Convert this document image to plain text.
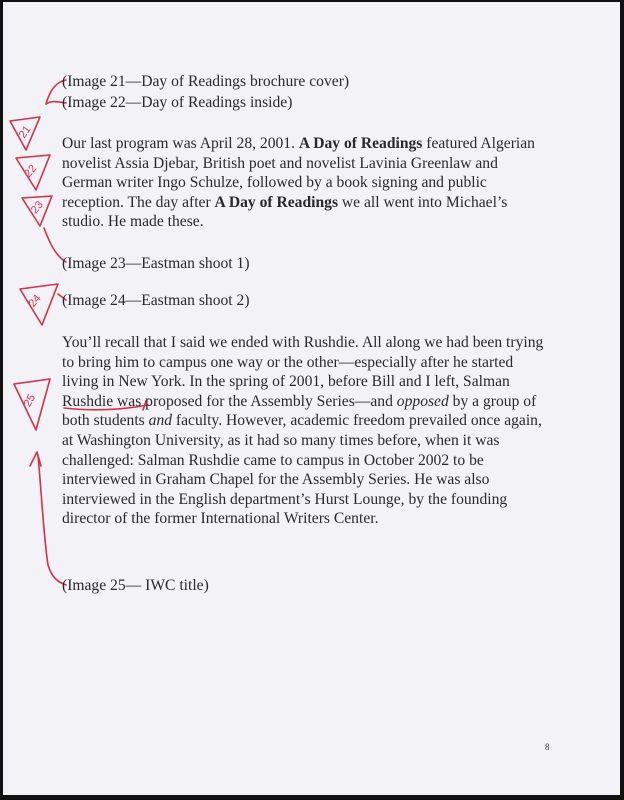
21
22
23
24
25
(Image 21—Day of Readings brochure cover)
(Image 22—Day of Readings inside)

Our last program was April 28, 2001. A Day of Readings featured Algerian novelist Assia Djebar, British poet and novelist Lavinia Greenlaw and German writer Ingo Schulze, followed by a book signing and public reception. The day after A Day of Readings we all went into Michael’s studio. He made these.

(Image 23—Eastman shoot 1)
(Image 24—Eastman shoot 2)

You’ll recall that I said we ended with Rushdie. All along we had been trying to bring him to campus one way or the other—especially after he started living in New York. In the spring of 2001, before Bill and I left, Salman Rushdie was proposed for the Assembly Series—and opposed by a group of both students and faculty. However, academic freedom prevailed once again, at Washington University, as it had so many times before, when it was challenged: Salman Rushdie came to campus in October 2002 to be interviewed in Graham Chapel for the Assembly Series. He was also interviewed in the English department’s Hurst Lounge, by the founding director of the former International Writers Center.

(Image 25— IWC title)
8
